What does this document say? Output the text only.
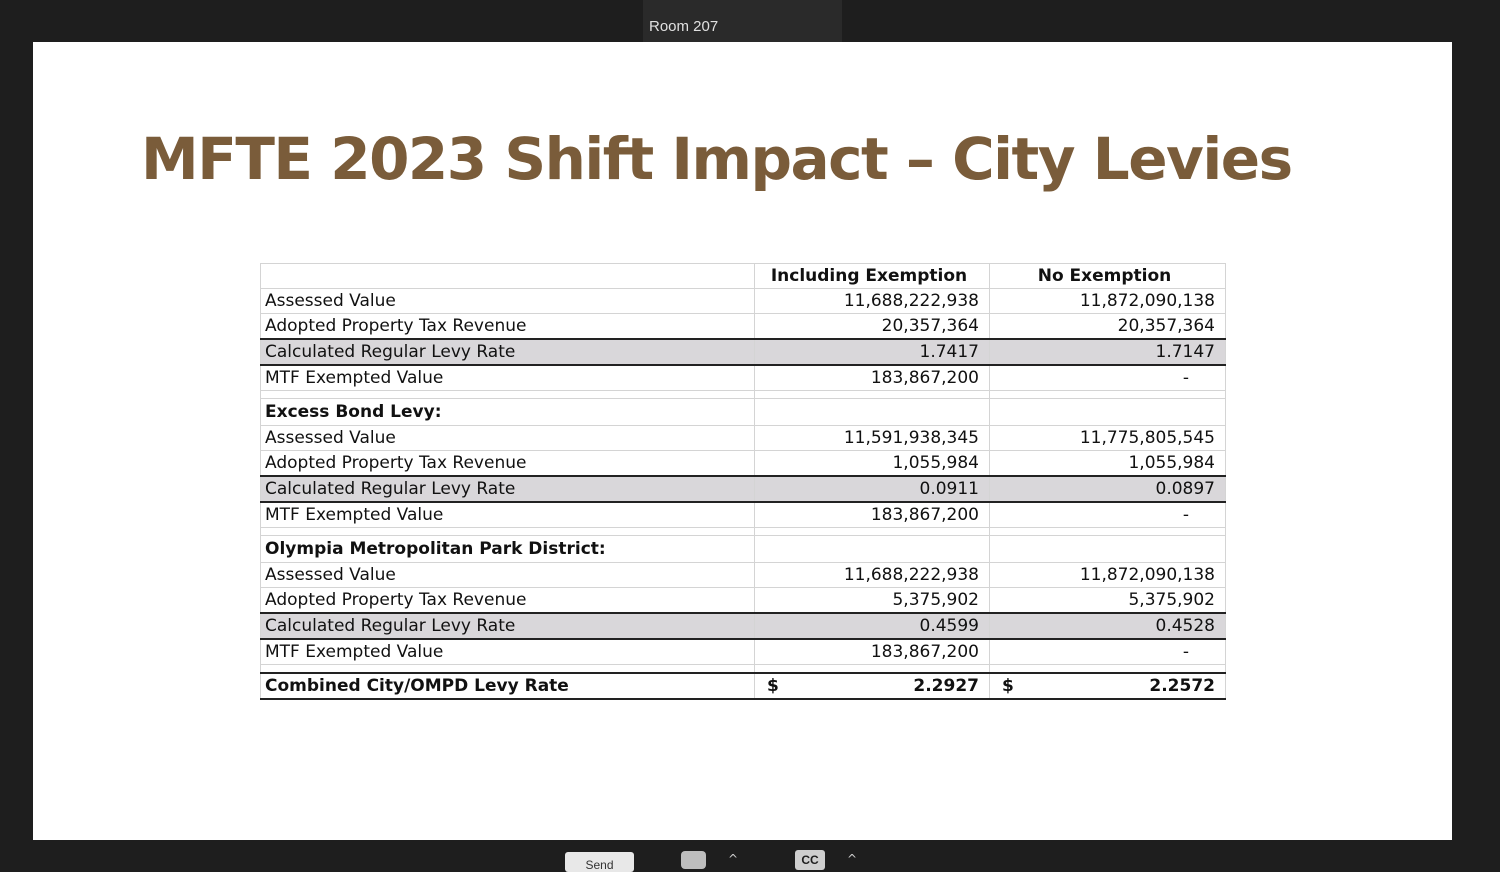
Room 207
MFTE 2023 Shift Impact – City Levies
	Including Exemption	No Exemption
Assessed Value	11,688,222,938	11,872,090,138
Adopted Property Tax Revenue	20,357,364	20,357,364
Calculated Regular Levy Rate	1.7417	1.7147
MTF Exempted Value	183,867,200	-

Excess Bond Levy:		
Assessed Value	11,591,938,345	11,775,805,545
Adopted Property Tax Revenue	1,055,984	1,055,984
Calculated Regular Levy Rate	0.0911	0.0897
MTF Exempted Value	183,867,200	-

Olympia Metropolitan Park District:		
Assessed Value	11,688,222,938	11,872,090,138
Adopted Property Tax Revenue	5,375,902	5,375,902
Calculated Regular Levy Rate	0.4599	0.4528
MTF Exempted Value	183,867,200	-

Combined City/OMPD Levy Rate	$ 2.2927	$ 2.2572
Send	^	CC	^
